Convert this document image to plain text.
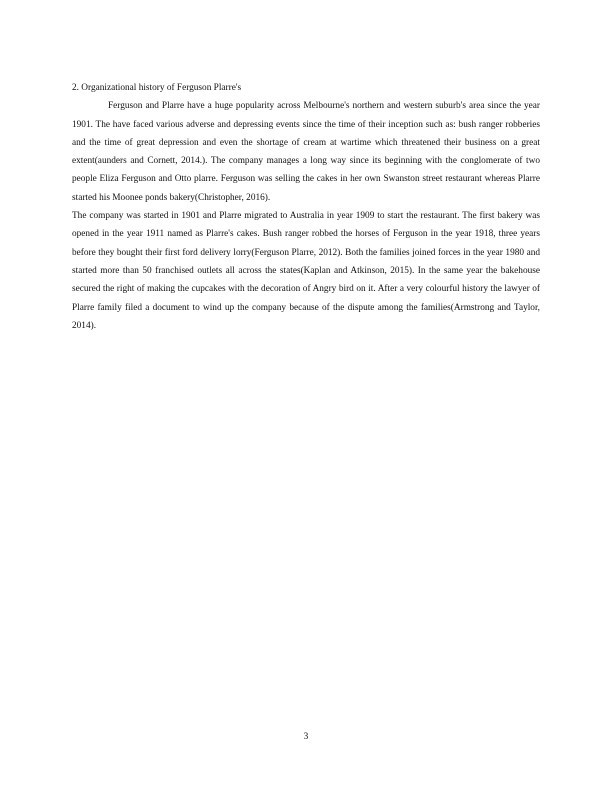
2. Organizational history of Ferguson Plarre's

Ferguson and Plarre have a huge popularity across Melbourne's northern and western suburb's area since the year 1901. The have faced various adverse and depressing events since the time of their inception such as: bush ranger robberies and the time of great depression and even the shortage of cream at wartime which threatened their business on a great extent(aunders and Cornett, 2014.). The company manages a long way since its beginning with the conglomerate of two people Eliza Ferguson and Otto plarre. Ferguson was selling the cakes in her own Swanston street restaurant whereas Plarre started his Moonee ponds bakery(Christopher, 2016).

The company was started in 1901 and Plarre migrated to Australia in year 1909 to start the restaurant. The first bakery was opened in the year 1911 named as Plarre's cakes. Bush ranger robbed the horses of Ferguson in the year 1918, three years before they bought their first ford delivery lorry(Ferguson Plarre, 2012). Both the families joined forces in the year 1980 and started more than 50 franchised outlets all across the states(Kaplan and Atkinson, 2015). In the same year the bakehouse secured the right of making the cupcakes with the decoration of Angry bird on it. After a very colourful history the lawyer of Plarre family filed a document to wind up the company because of the dispute among the families(Armstrong and Taylor, 2014).

3
